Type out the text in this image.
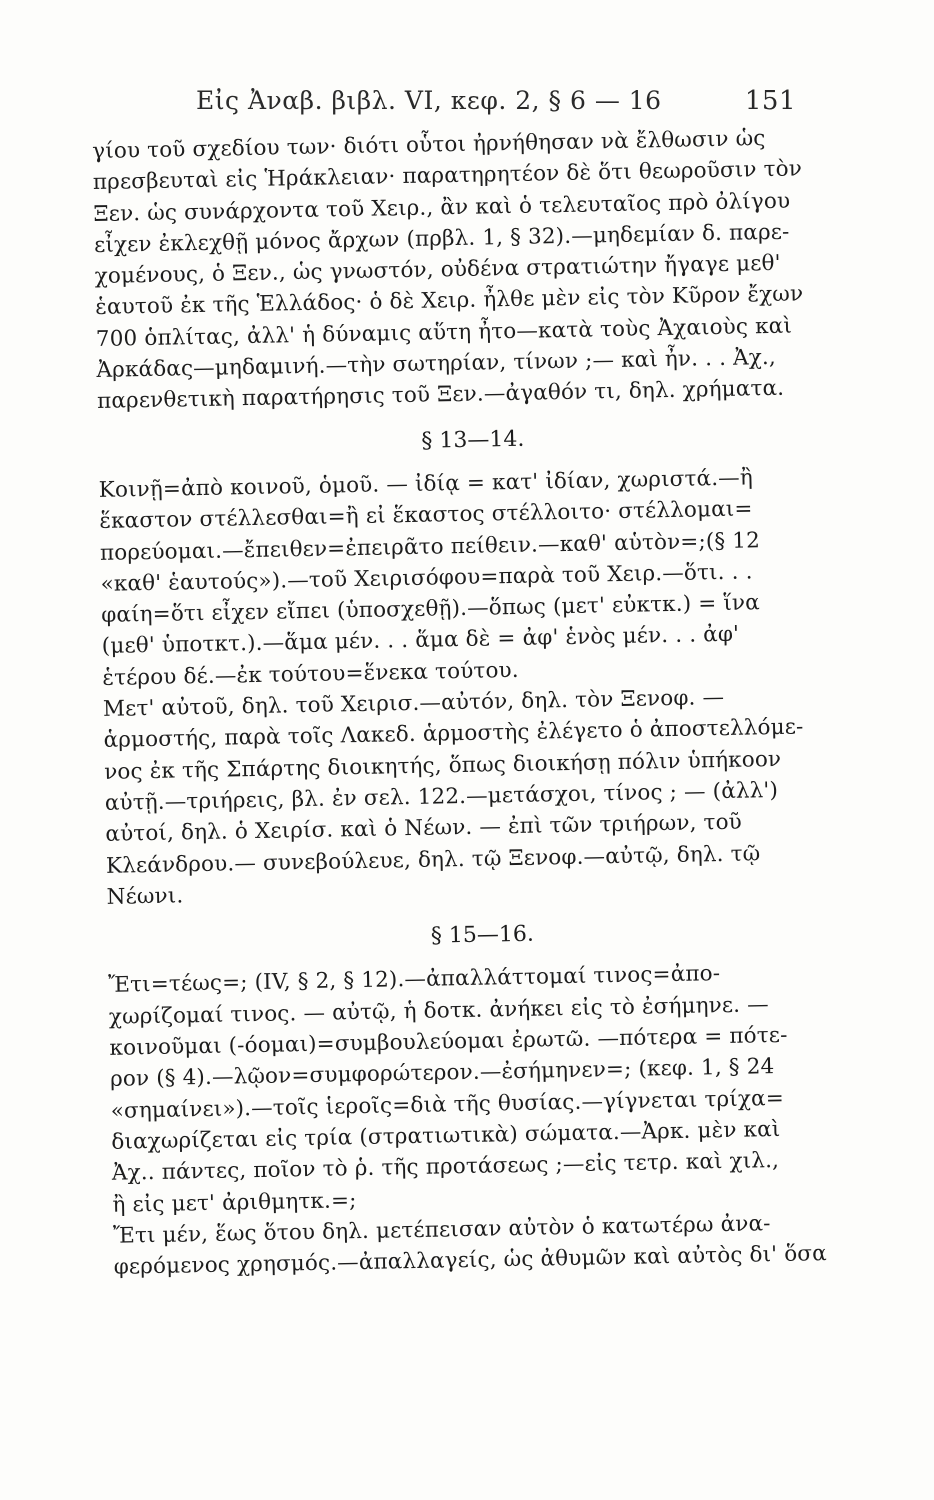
Εἰς Ἀναβ. βιβλ. VI, κεφ. 2, § 6 — 16	151
γίου τοῦ σχεδίου των· διότι οὗτοι ἠρνήθησαν νὰ ἔλθωσιν ὡς
πρεσβευταὶ εἰς Ἡράκλειαν· παρατηρητέον δὲ ὅτι θεωροῦσιν τὸν
Ξεν. ὡς συνάρχοντα τοῦ Χειρ., ἂν καὶ ὁ τελευταῖος πρὸ ὀλίγου
εἶχεν ἐκλεχθῇ μόνος ἄρχων (πρβλ. 1, § 32).—μηδεμίαν δ. παρε-
χομένους, ὁ Ξεν., ὡς γνωστόν, οὐδένα στρατιώτην ἤγαγε μεθ'
ἑαυτοῦ ἐκ τῆς Ἑλλάδος· ὁ δὲ Χειρ. ἦλθε μὲν εἰς τὸν Κῦρον ἔχων
700 ὁπλίτας, ἀλλ' ἡ δύναμις αὕτη ἦτο—κατὰ τοὺς Ἀχαιοὺς καὶ
Ἀρκάδας—μηδαμινή.—τὴν σωτηρίαν, τίνων ;— καὶ ἦν. . . Ἀχ.,
παρενθετικὴ παρατήρησις τοῦ Ξεν.—ἀγαθόν τι, δηλ. χρήματα.
§ 13—14.
Κοινῇ=ἀπὸ κοινοῦ, ὁμοῦ. — ἰδίᾳ = κατ' ἰδίαν, χωριστά.—ἢ
ἕκαστον στέλλεσθαι=ἢ εἰ ἕκαστος στέλλοιτο· στέλλομαι=
πορεύομαι.—ἔπειθεν=ἐπειρᾶτο πείθειν.—καθ' αὑτὸν=;(§ 12
«καθ' ἑαυτούς»).—τοῦ Χειρισόφου=παρὰ τοῦ Χειρ.—ὅτι. . .
φαίη=ὅτι εἶχεν εἴπει (ὑποσχεθῇ).—ὅπως (μετ' εὐκτκ.) = ἵνα
(μεθ' ὑποτκτ.).—ἅμα μέν. . . ἅμα δὲ = ἀφ' ἑνὸς μέν. . . ἀφ'
ἑτέρου δέ.—ἐκ τούτου=ἕνεκα τούτου.
Μετ' αὐτοῦ, δηλ. τοῦ Χειρισ.—αὐτόν, δηλ. τὸν Ξενοφ. —
ἁρμοστής, παρὰ τοῖς Λακεδ. ἁρμοστὴς ἐλέγετο ὁ ἀποστελλόμε-
νος ἐκ τῆς Σπάρτης διοικητής, ὅπως διοικήσῃ πόλιν ὑπήκοον
αὐτῇ.—τριήρεις, βλ. ἐν σελ. 122.—μετάσχοι, τίνος ; — (ἀλλ')
αὐτοί, δηλ. ὁ Χειρίσ. καὶ ὁ Νέων. — ἐπὶ τῶν τριήρων, τοῦ
Κλεάνδρου.— συνεβούλευε, δηλ. τῷ Ξενοφ.—αὐτῷ, δηλ. τῷ
Νέωνι.
§ 15—16.
Ἔτι=τέως=; (IV, § 2, § 12).—ἀπαλλάττομαί τινος=ἀπο-
χωρίζομαί τινος. — αὐτῷ, ἡ δοτκ. ἀνήκει εἰς τὸ ἐσήμηνε. —
κοινοῦμαι (-όομαι)=συμβουλεύομαι ἐρωτῶ. —πότερα = πότε-
ρον (§ 4).—λῷον=συμφορώτερον.—ἐσήμηνεν=; (κεφ. 1, § 24
«σημαίνει»).—τοῖς ἱεροῖς=διὰ τῆς θυσίας.—γίγνεται τρίχα=
διαχωρίζεται εἰς τρία (στρατιωτικὰ) σώματα.—Ἀρκ. μὲν καὶ
Ἀχ.. πάντες, ποῖον τὸ ῥ. τῆς προτάσεως ;—εἰς τετρ. καὶ χιλ.,
ἢ εἰς μετ' ἀριθμητκ.=;
Ἔτι μέν, ἕως ὅτου δηλ. μετέπεισαν αὐτὸν ὁ κατωτέρω ἀνα-
φερόμενος χρησμός.—ἀπαλλαγείς, ὡς ἀθυμῶν καὶ αὐτὸς δι' ὅσα
